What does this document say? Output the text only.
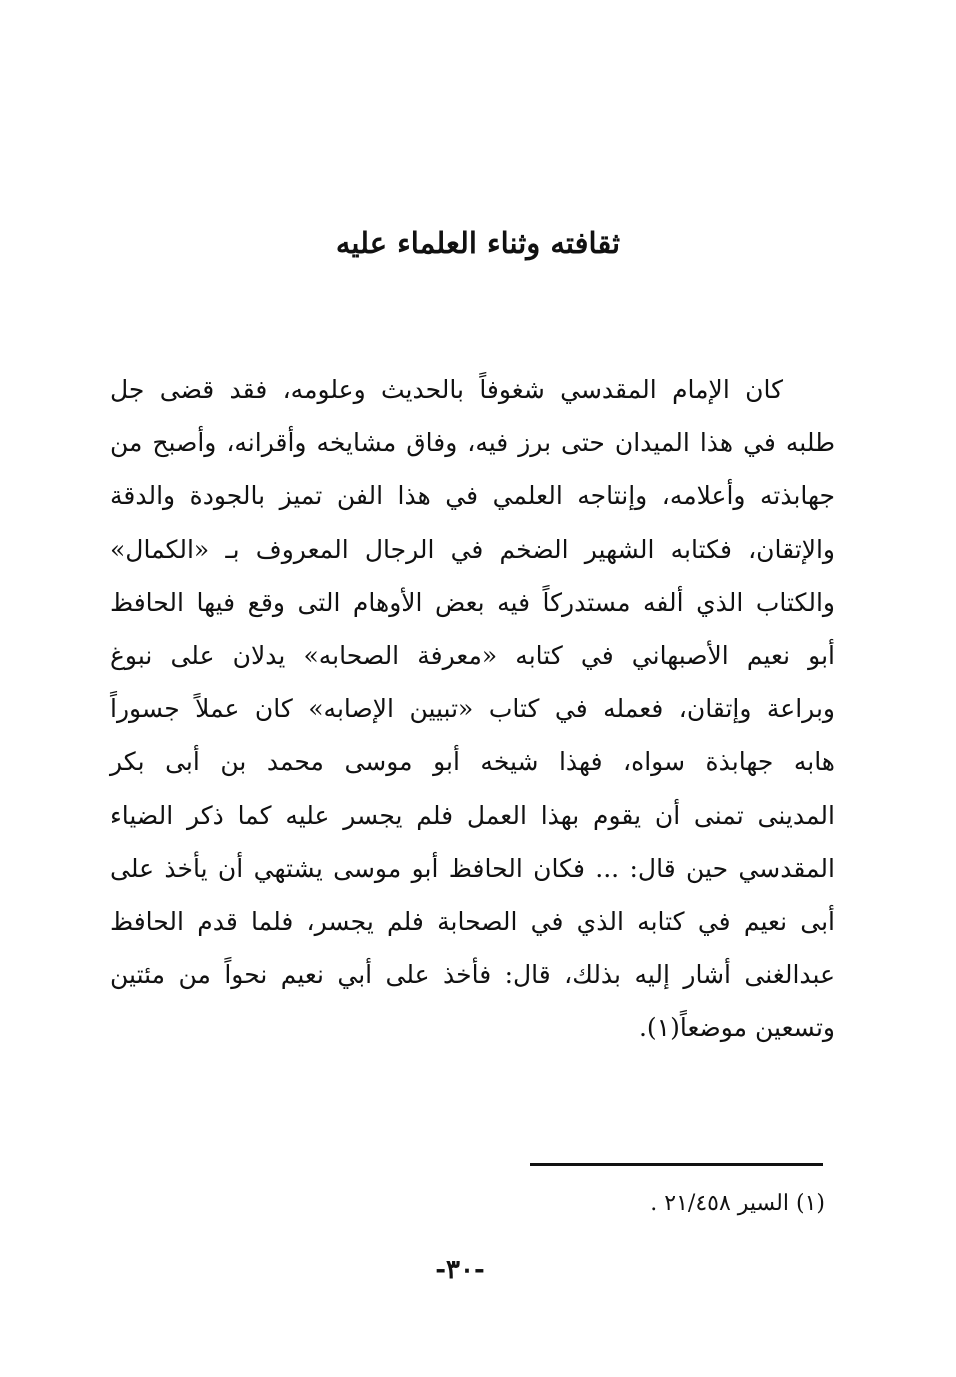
ثقافته وثناء العلماء عليه
كان الإمام المقدسي شغوفاً بالحديث وعلومه، فقد قضى جل
طلبه في هذا الميدان حتى برز فيه، وفاق مشايخه وأقرانه، وأصبح من
جهابذته وأعلامه، وإنتاجه العلمي في هذا الفن تميز بالجودة والدقة
والإتقان، فكتابه الشهير الضخم في الرجال المعروف بـ «الكمال»
والكتاب الذي ألفه مستدركاً فيه بعض الأوهام التى وقع فيها الحافظ
أبو نعيم الأصبهاني في كتابه «معرفة الصحابه» يدلان على نبوغ
وبراعة وإتقان، فعمله في كتاب «تبيين الإصابه» كان عملاً جسوراً
هابه جهابذة سواه، فهذا شيخه أبو موسى محمد بن أبى بكر
المدينى تمنى أن يقوم بهذا العمل فلم يجسر عليه كما ذكر الضياء
المقدسي حين قال: ... فكان الحافظ أبو موسى يشتهي أن يأخذ على
أبى نعيم في كتابه الذي في الصحابة فلم يجسر، فلما قدم الحافظ
عبدالغنى أشار إليه بذلك، قال: فأخذ على أبي نعيم نحواً من مئتين
وتسعين موضعاً(١).
(١) السير ٢١/٤٥٨ .
-٣٠-
